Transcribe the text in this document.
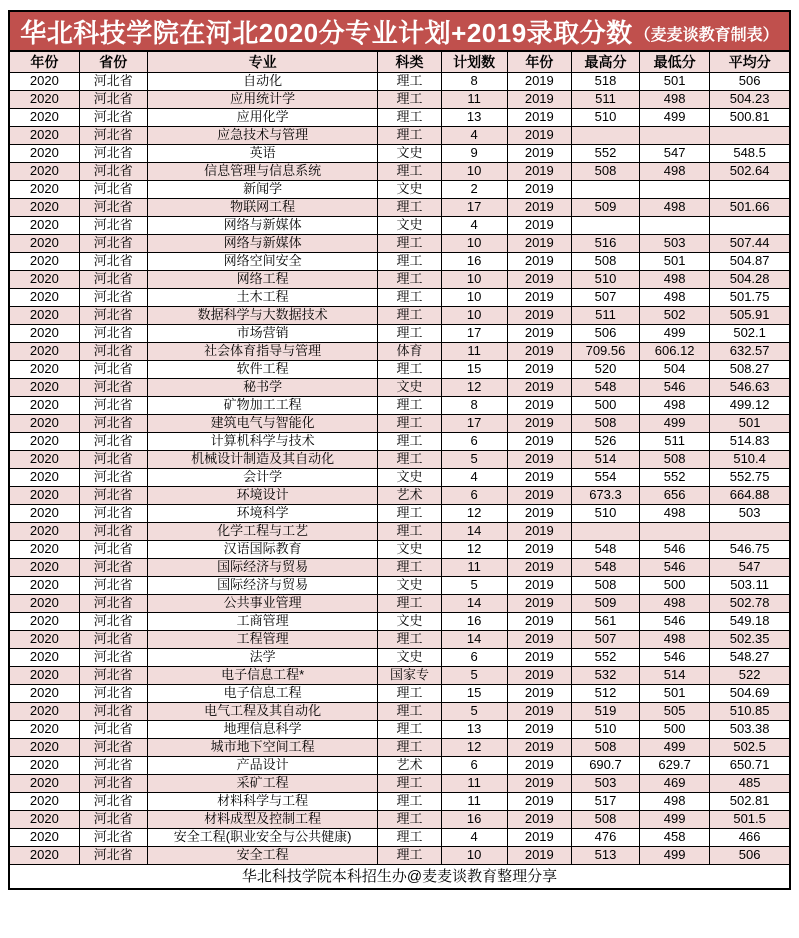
华北科技学院在河北2020分专业计划+2019录取分数 （麦麦谈教育制表）
年份	省份	专业	科类	计划数	年份	最高分	最低分	平均分
2020	河北省	自动化	理工	8	2019	518	501	506
2020	河北省	应用统计学	理工	11	2019	511	498	504.23
2020	河北省	应用化学	理工	13	2019	510	499	500.81
2020	河北省	应急技术与管理	理工	4	2019			
2020	河北省	英语	文史	9	2019	552	547	548.5
2020	河北省	信息管理与信息系统	理工	10	2019	508	498	502.64
2020	河北省	新闻学	文史	2	2019			
2020	河北省	物联网工程	理工	17	2019	509	498	501.66
2020	河北省	网络与新媒体	文史	4	2019			
2020	河北省	网络与新媒体	理工	10	2019	516	503	507.44
2020	河北省	网络空间安全	理工	16	2019	508	501	504.87
2020	河北省	网络工程	理工	10	2019	510	498	504.28
2020	河北省	土木工程	理工	10	2019	507	498	501.75
2020	河北省	数据科学与大数据技术	理工	10	2019	511	502	505.91
2020	河北省	市场营销	理工	17	2019	506	499	502.1
2020	河北省	社会体育指导与管理	体育	11	2019	709.56	606.12	632.57
2020	河北省	软件工程	理工	15	2019	520	504	508.27
2020	河北省	秘书学	文史	12	2019	548	546	546.63
2020	河北省	矿物加工工程	理工	8	2019	500	498	499.12
2020	河北省	建筑电气与智能化	理工	17	2019	508	499	501
2020	河北省	计算机科学与技术	理工	6	2019	526	511	514.83
2020	河北省	机械设计制造及其自动化	理工	5	2019	514	508	510.4
2020	河北省	会计学	文史	4	2019	554	552	552.75
2020	河北省	环境设计	艺术	6	2019	673.3	656	664.88
2020	河北省	环境科学	理工	12	2019	510	498	503
2020	河北省	化学工程与工艺	理工	14	2019			
2020	河北省	汉语国际教育	文史	12	2019	548	546	546.75
2020	河北省	国际经济与贸易	理工	11	2019	548	546	547
2020	河北省	国际经济与贸易	文史	5	2019	508	500	503.11
2020	河北省	公共事业管理	理工	14	2019	509	498	502.78
2020	河北省	工商管理	文史	16	2019	561	546	549.18
2020	河北省	工程管理	理工	14	2019	507	498	502.35
2020	河北省	法学	文史	6	2019	552	546	548.27
2020	河北省	电子信息工程*	国家专	5	2019	532	514	522
2020	河北省	电子信息工程	理工	15	2019	512	501	504.69
2020	河北省	电气工程及其自动化	理工	5	2019	519	505	510.85
2020	河北省	地理信息科学	理工	13	2019	510	500	503.38
2020	河北省	城市地下空间工程	理工	12	2019	508	499	502.5
2020	河北省	产品设计	艺术	6	2019	690.7	629.7	650.71
2020	河北省	采矿工程	理工	11	2019	503	469	485
2020	河北省	材料科学与工程	理工	11	2019	517	498	502.81
2020	河北省	材料成型及控制工程	理工	16	2019	508	499	501.5
2020	河北省	安全工程(职业安全与公共健康)	理工	4	2019	476	458	466
2020	河北省	安全工程	理工	10	2019	513	499	506
华北科技学院本科招生办@麦麦谈教育整理分享								
